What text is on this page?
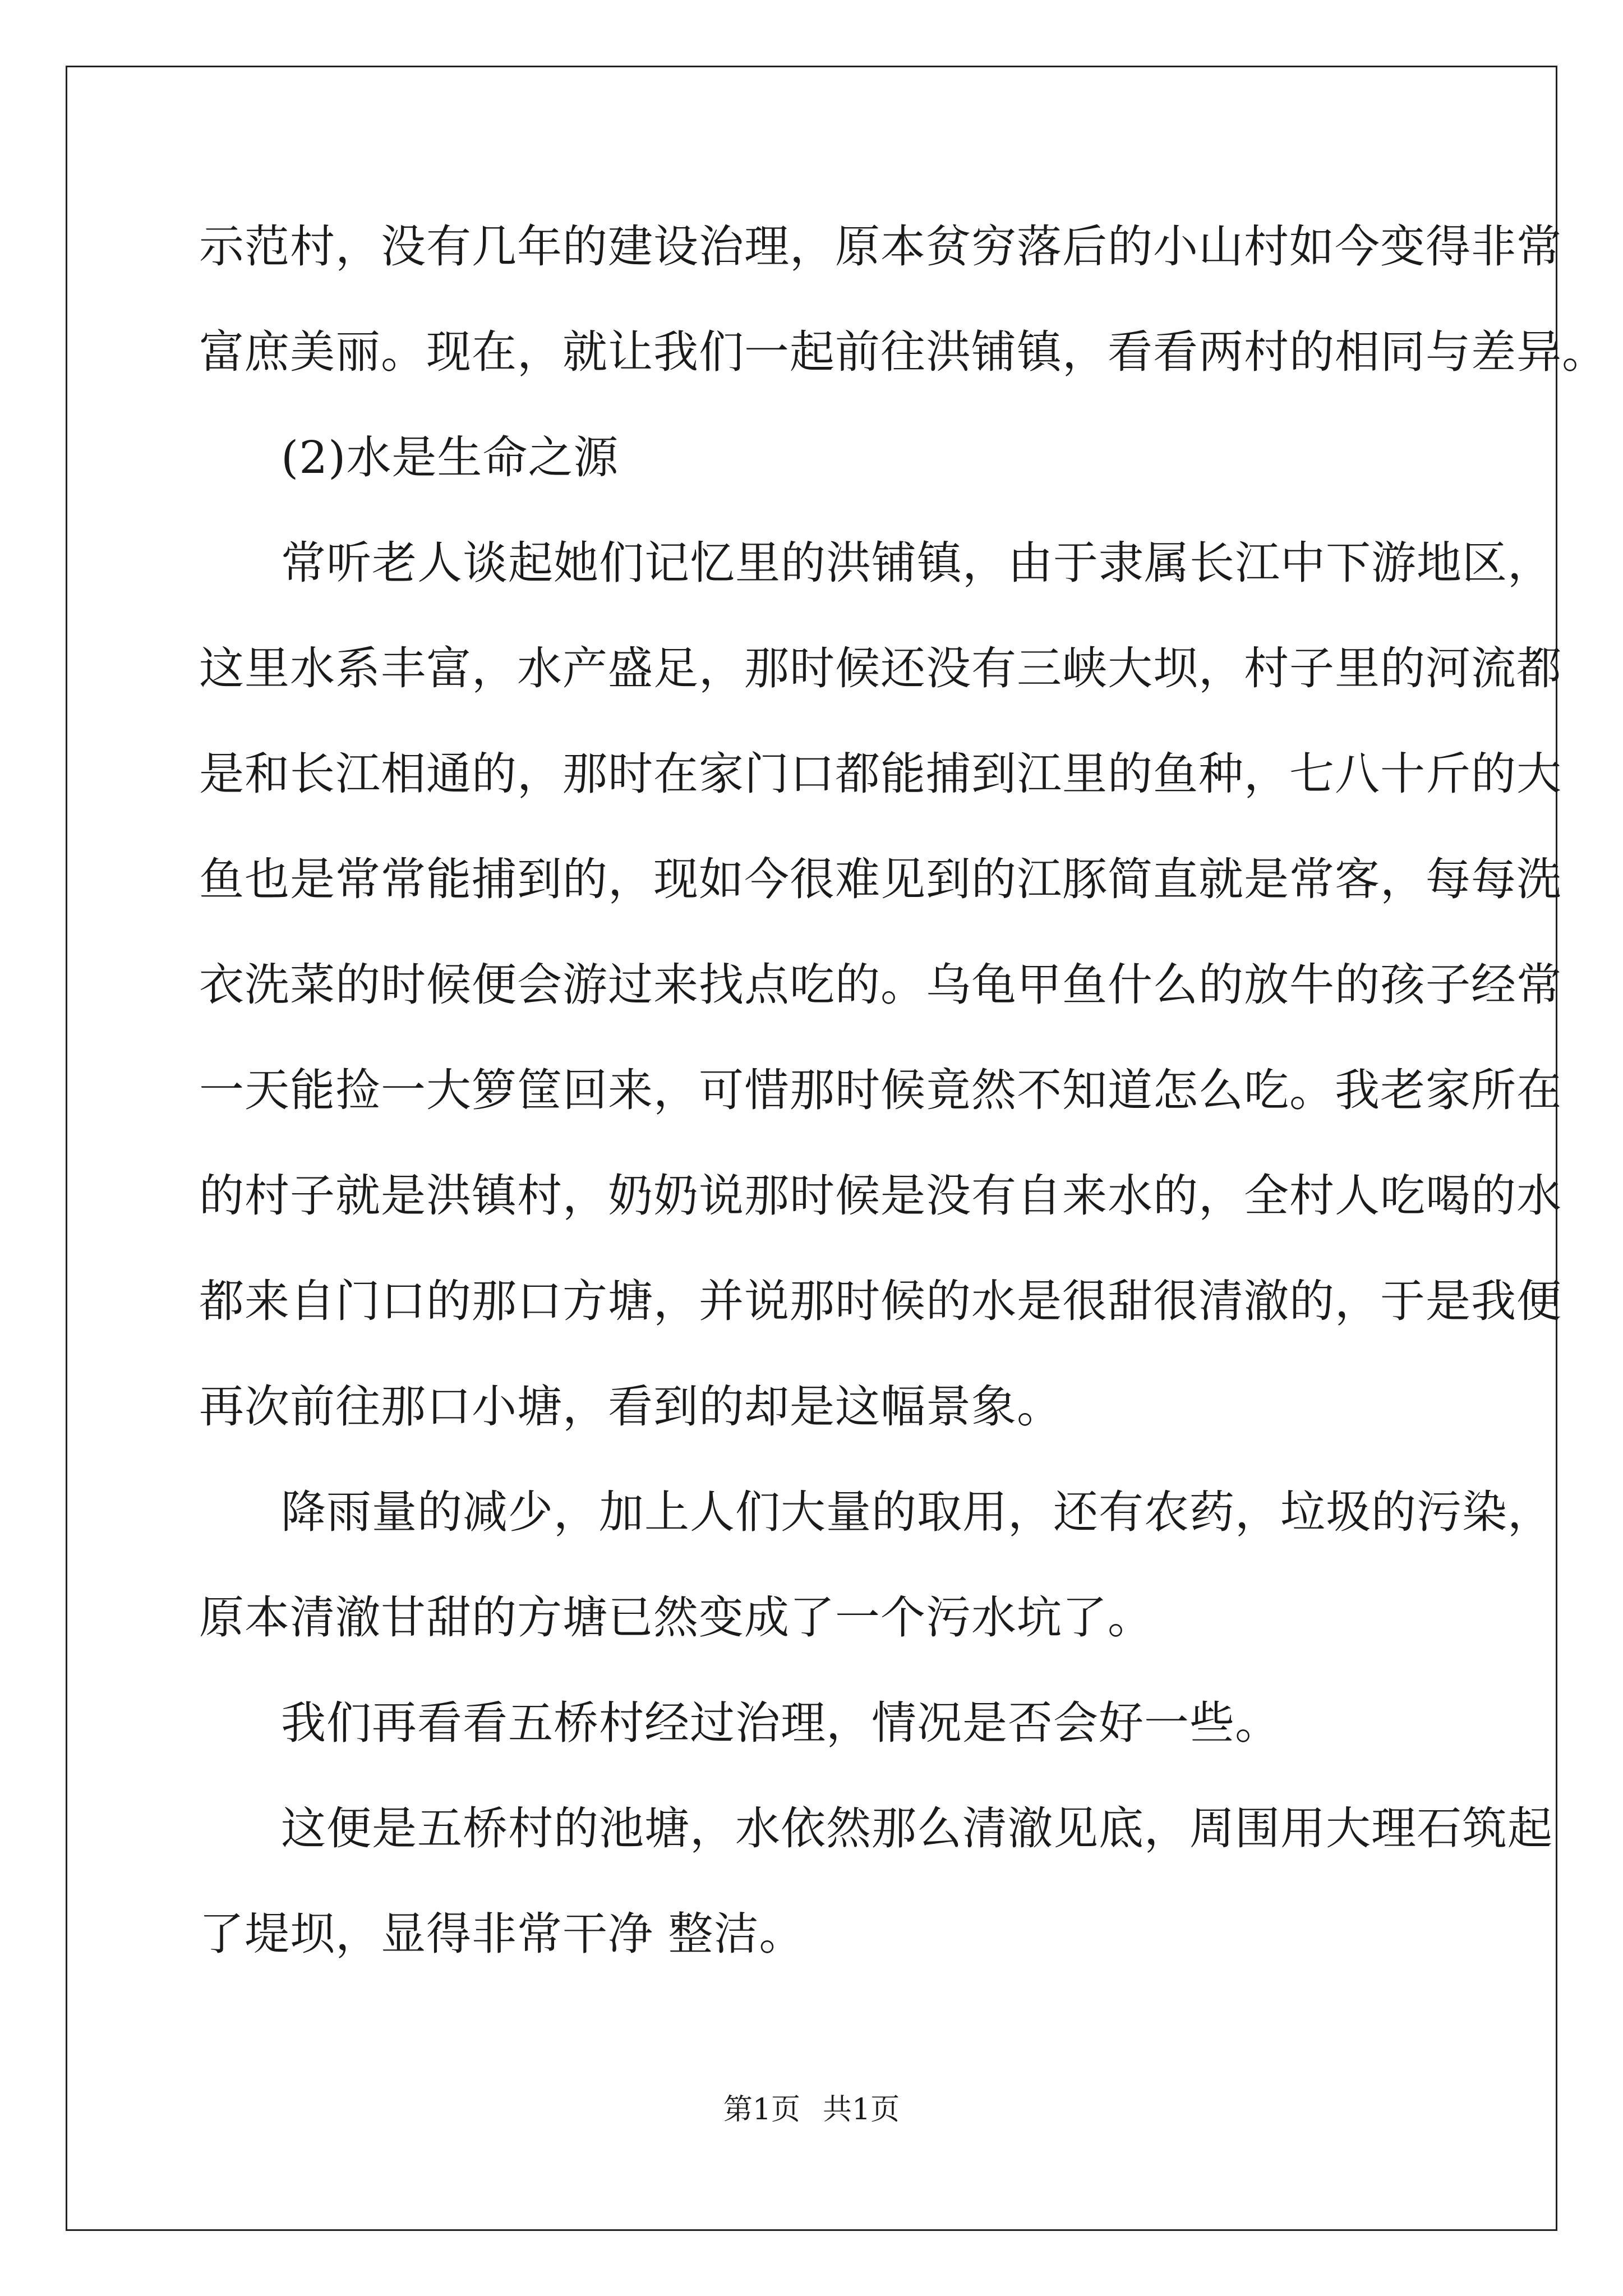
示范村，没有几年的建设治理，原本贫穷落后的小山村如今变得非常
富庶美丽。现在，就让我们一起前往洪铺镇，看看两村的相同与差异。
(2)水是生命之源
常听老人谈起她们记忆里的洪铺镇，由于隶属长江中下游地区，
这里水系丰富，水产盛足，那时候还没有三峡大坝，村子里的河流都
是和长江相通的，那时在家门口都能捕到江里的鱼种，七八十斤的大
鱼也是常常能捕到的，现如今很难见到的江豚简直就是常客，每每洗
衣洗菜的时候便会游过来找点吃的。乌龟甲鱼什么的放牛的孩子经常
一天能捡一大箩筐回来，可惜那时候竟然不知道怎么吃。我老家所在
的村子就是洪镇村，奶奶说那时候是没有自来水的，全村人吃喝的水
都来自门口的那口方塘，并说那时候的水是很甜很清澈的，于是我便
再次前往那口小塘，看到的却是这幅景象。
降雨量的减少，加上人们大量的取用，还有农药，垃圾的污染，
原本清澈甘甜的方塘已然变成了一个污水坑了。
我们再看看五桥村经过治理，情况是否会好一些。
这便是五桥村的池塘，水依然那么清澈见底，周围用大理石筑起
了堤坝，显得非常干净 整洁。
第1页 共1页
